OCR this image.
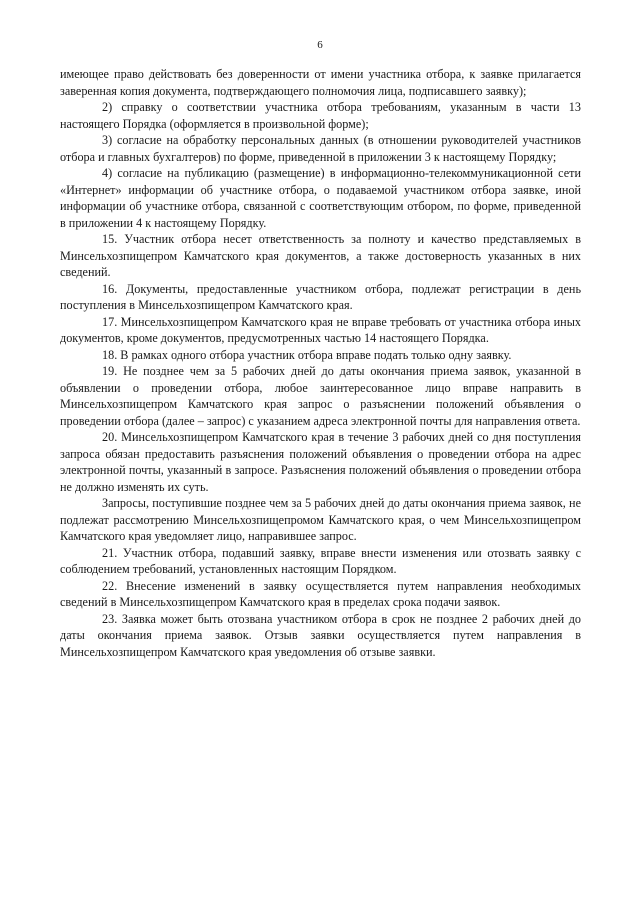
6

имеющее право действовать без доверенности от имени участника отбора, к заявке прилагается заверенная копия документа, подтверждающего полномочия лица, подписавшего заявку);

2) справку о соответствии участника отбора требованиям, указанным в части 13 настоящего Порядка (оформляется в произвольной форме);

3) согласие на обработку персональных данных (в отношении руководителей участников отбора и главных бухгалтеров) по форме, приведенной в приложении 3 к настоящему Порядку;

4) согласие на публикацию (размещение) в информационно-телекоммуникационной сети «Интернет» информации об участнике отбора, о подаваемой участником отбора заявке, иной информации об участнике отбора, связанной с соответствующим отбором, по форме, приведенной в приложении 4 к настоящему Порядку.

15. Участник отбора несет ответственность за полноту и качество представляемых в Минсельхозпищепром Камчатского края документов, а также достоверность указанных в них сведений.

16. Документы, предоставленные участником отбора, подлежат регистрации в день поступления в Минсельхозпищепром Камчатского края.

17. Минсельхозпищепром Камчатского края не вправе требовать от участника отбора иных документов, кроме документов, предусмотренных частью 14 настоящего Порядка.

18. В рамках одного отбора участник отбора вправе подать только одну заявку.

19. Не позднее чем за 5 рабочих дней до даты окончания приема заявок, указанной в объявлении о проведении отбора, любое заинтересованное лицо вправе направить в Минсельхозпищепром Камчатского края запрос о разъяснении положений объявления о проведении отбора (далее – запрос) с указанием адреса электронной почты для направления ответа.

20. Минсельхозпищепром Камчатского края в течение 3 рабочих дней со дня поступления запроса обязан предоставить разъяснения положений объявления о проведении отбора на адрес электронной почты, указанный в запросе. Разъяснения положений объявления о проведении отбора не должно изменять их суть.

Запросы, поступившие позднее чем за 5 рабочих дней до даты окончания приема заявок, не подлежат рассмотрению Минсельхозпищепромом Камчатского края, о чем Минсельхозпищепром Камчатского края уведомляет лицо, направившее запрос.

21. Участник отбора, подавший заявку, вправе внести изменения или отозвать заявку с соблюдением требований, установленных настоящим Порядком.

22. Внесение изменений в заявку осуществляется путем направления необходимых сведений в Минсельхозпищепром Камчатского края в пределах срока подачи заявок.

23. Заявка может быть отозвана участником отбора в срок не позднее 2 рабочих дней до даты окончания приема заявок. Отзыв заявки осуществляется путем направления в Минсельхозпищепром Камчатского края уведомления об отзыве заявки.
